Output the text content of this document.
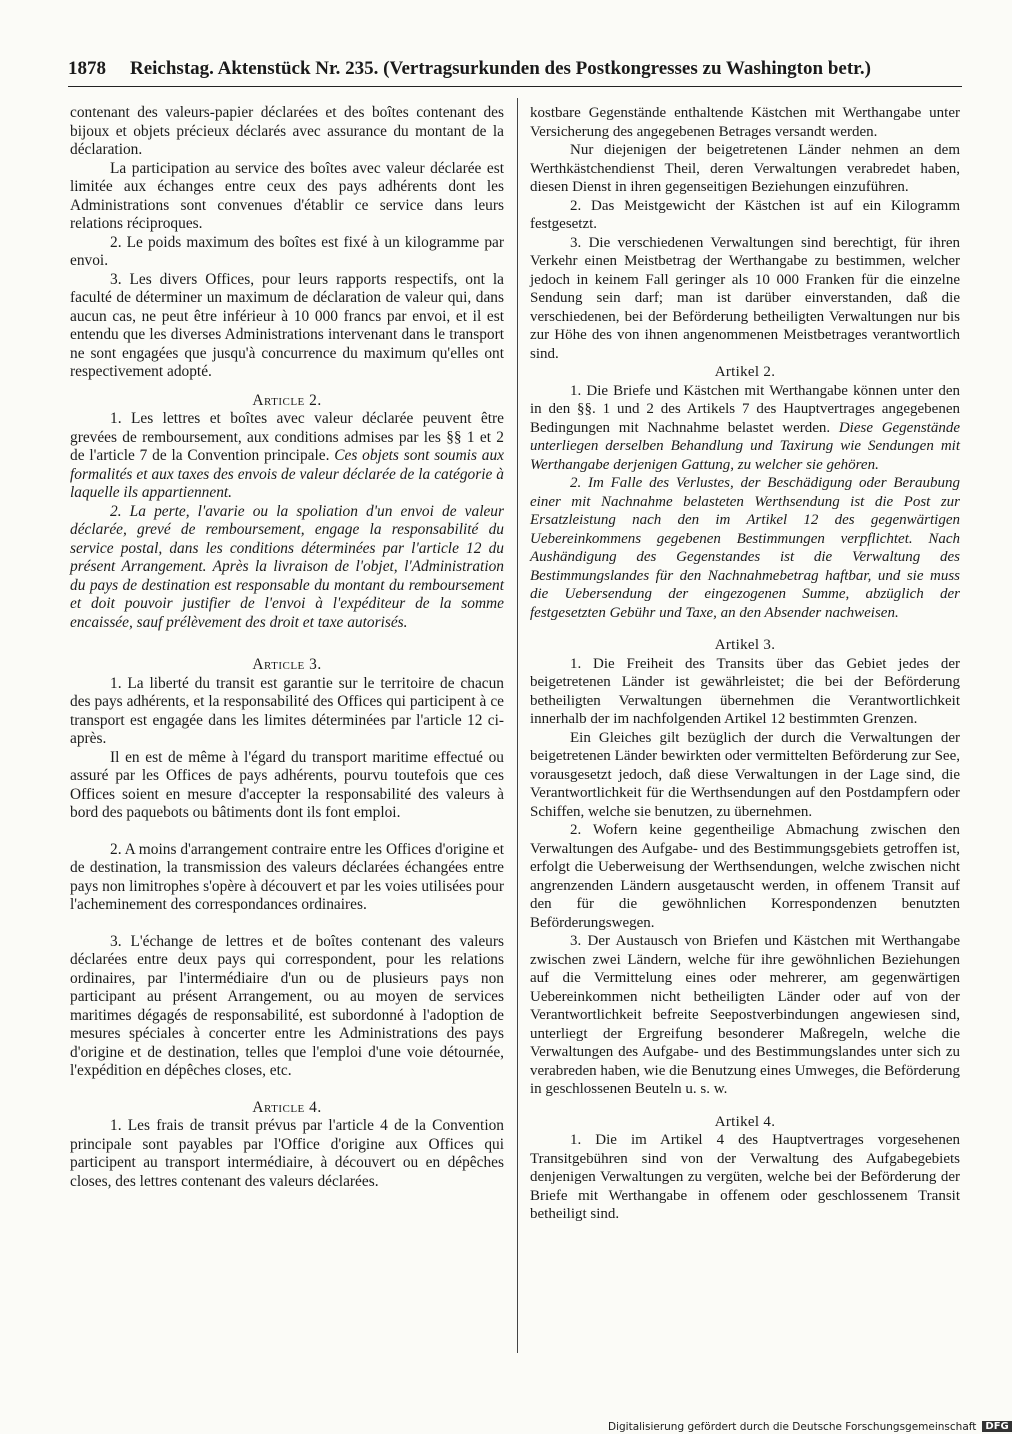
1878 Reichstag. Aktenstück Nr. 235. (Vertragsurkunden des Postkongresses zu Washington betr.)

contenant des valeurs-papier déclarées et des boîtes contenant des bijoux et objets précieux déclarés avec assurance du montant de la déclaration.

La participation au service des boîtes avec valeur déclarée est limitée aux échanges entre ceux des pays adhérents dont les Administrations sont convenues d'établir ce service dans leurs relations réciproques.

2. Le poids maximum des boîtes est fixé à un kilogramme par envoi.

3. Les divers Offices, pour leurs rapports respectifs, ont la faculté de déterminer un maximum de déclaration de valeur qui, dans aucun cas, ne peut être inférieur à 10 000 francs par envoi, et il est entendu que les diverses Administrations intervenant dans le transport ne sont engagées que jusqu'à concurrence du maximum qu'elles ont respectivement adopté.

Article 2.

1. Les lettres et boîtes avec valeur déclarée peuvent être grevées de remboursement, aux conditions admises par les §§ 1 et 2 de l'article 7 de la Convention principale. Ces objets sont soumis aux formalités et aux taxes des envois de valeur déclarée de la catégorie à laquelle ils appartiennent.

2. La perte, l'avarie ou la spoliation d'un envoi de valeur déclarée, grevé de remboursement, engage la responsabilité du service postal, dans les conditions déterminées par l'article 12 du présent Arrangement. Après la livraison de l'objet, l'Administration du pays de destination est responsable du montant du remboursement et doit pouvoir justifier de l'envoi à l'expéditeur de la somme encaissée, sauf prélèvement des droit et taxe autorisés.

Article 3.

1. La liberté du transit est garantie sur le territoire de chacun des pays adhérents, et la responsabilité des Offices qui participent à ce transport est engagée dans les limites déterminées par l'article 12 ci-après.

Il en est de même à l'égard du transport maritime effectué ou assuré par les Offices de pays adhérents, pourvu toutefois que ces Offices soient en mesure d'accepter la responsabilité des valeurs à bord des paquebots ou bâtiments dont ils font emploi.

2. A moins d'arrangement contraire entre les Offices d'origine et de destination, la transmission des valeurs déclarées échangées entre pays non limitrophes s'opère à découvert et par les voies utilisées pour l'acheminement des correspondances ordinaires.

3. L'échange de lettres et de boîtes contenant des valeurs déclarées entre deux pays qui correspondent, pour les relations ordinaires, par l'intermédiaire d'un ou de plusieurs pays non participant au présent Arrangement, ou au moyen de services maritimes dégagés de responsabilité, est subordonné à l'adoption de mesures spéciales à concerter entre les Administrations des pays d'origine et de destination, telles que l'emploi d'une voie détournée, l'expédition en dépêches closes, etc.

Article 4.

1. Les frais de transit prévus par l'article 4 de la Convention principale sont payables par l'Office d'origine aux Offices qui participent au transport intermédiaire, à découvert ou en dépêches closes, des lettres contenant des valeurs déclarées.

kostbare Gegenstände enthaltende Kästchen mit Werthangabe unter Versicherung des angegebenen Betrages versandt werden.

Nur diejenigen der beigetretenen Länder nehmen an dem Werthkästchendienst Theil, deren Verwaltungen verabredet haben, diesen Dienst in ihren gegenseitigen Beziehungen einzuführen.

2. Das Meistgewicht der Kästchen ist auf ein Kilogramm festgesetzt.

3. Die verschiedenen Verwaltungen sind berechtigt, für ihren Verkehr einen Meistbetrag der Werthangabe zu bestimmen, welcher jedoch in keinem Fall geringer als 10 000 Franken für die einzelne Sendung sein darf; man ist darüber einverstanden, daß die verschiedenen, bei der Beförderung betheiligten Verwaltungen nur bis zur Höhe des von ihnen angenommenen Meistbetrages verantwortlich sind.

Artikel 2.

1. Die Briefe und Kästchen mit Werthangabe können unter den in den §§. 1 und 2 des Artikels 7 des Hauptvertrages angegebenen Bedingungen mit Nachnahme belastet werden. Diese Gegenstände unterliegen derselben Behandlung und Taxirung wie Sendungen mit Werthangabe derjenigen Gattung, zu welcher sie gehören.

2. Im Falle des Verlustes, der Beschädigung oder Beraubung einer mit Nachnahme belasteten Werthsendung ist die Post zur Ersatzleistung nach den im Artikel 12 des gegenwärtigen Uebereinkommens gegebenen Bestimmungen verpflichtet. Nach Aushändigung des Gegenstandes ist die Verwaltung des Bestimmungslandes für den Nachnahmebetrag haftbar, und sie muss die Uebersendung der eingezogenen Summe, abzüglich der festgesetzten Gebühr und Taxe, an den Absender nachweisen.

Artikel 3.

1. Die Freiheit des Transits über das Gebiet jedes der beigetretenen Länder ist gewährleistet; die bei der Beförderung betheiligten Verwaltungen übernehmen die Verantwortlichkeit innerhalb der im nachfolgenden Artikel 12 bestimmten Grenzen.

Ein Gleiches gilt bezüglich der durch die Verwaltungen der beigetretenen Länder bewirkten oder vermittelten Beförderung zur See, vorausgesetzt jedoch, daß diese Verwaltungen in der Lage sind, die Verantwortlichkeit für die Werthsendungen auf den Postdampfern oder Schiffen, welche sie benutzen, zu übernehmen.

2. Wofern keine gegentheilige Abmachung zwischen den Verwaltungen des Aufgabe- und des Bestimmungsgebiets getroffen ist, erfolgt die Ueberweisung der Werthsendungen, welche zwischen nicht angrenzenden Ländern ausgetauscht werden, in offenem Transit auf den für die gewöhnlichen Korrespondenzen benutzten Beförderungswegen.

3. Der Austausch von Briefen und Kästchen mit Werthangabe zwischen zwei Ländern, welche für ihre gewöhnlichen Beziehungen auf die Vermittelung eines oder mehrerer, am gegenwärtigen Uebereinkommen nicht betheiligten Länder oder auf von der Verantwortlichkeit befreite Seepostverbindungen angewiesen sind, unterliegt der Ergreifung besonderer Maßregeln, welche die Verwaltungen des Aufgabe- und des Bestimmungslandes unter sich zu verabreden haben, wie die Benutzung eines Umweges, die Beförderung in geschlossenen Beuteln u. s. w.

Artikel 4.

1. Die im Artikel 4 des Hauptvertrages vorgesehenen Transitgebühren sind von der Verwaltung des Aufgabegebiets denjenigen Verwaltungen zu vergüten, welche bei der Beförderung der Briefe mit Werthangabe in offenem oder geschlossenem Transit betheiligt sind.

Digitalisierung gefördert durch die Deutsche Forschungsgemeinschaft DFG
